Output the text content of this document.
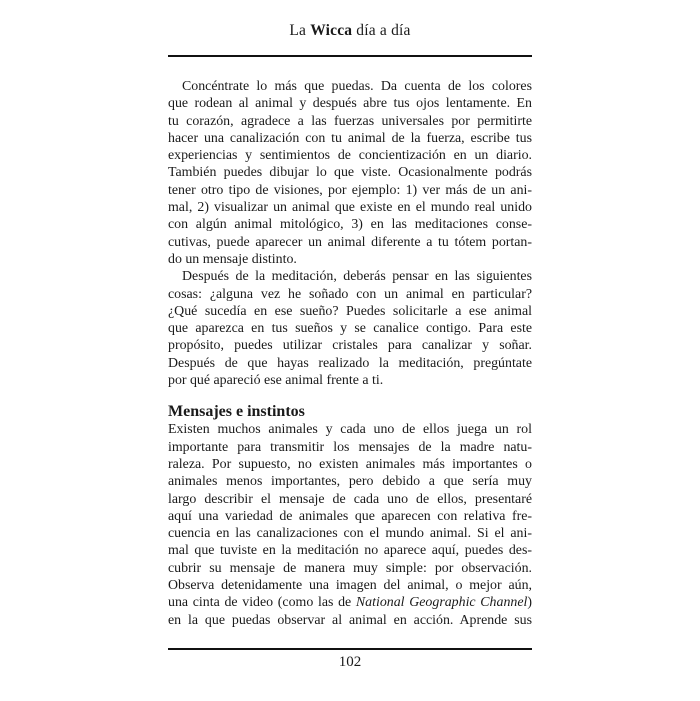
La Wicca día a día
Concéntrate lo más que puedas. Da cuenta de los colores
que rodean al animal y después abre tus ojos lentamente. En
tu corazón, agradece a las fuerzas universales por permitirte
hacer una canalización con tu animal de la fuerza, escribe tus
experiencias y sentimientos de concientización en un diario.
También puedes dibujar lo que viste. Ocasionalmente podrás
tener otro tipo de visiones, por ejemplo: 1) ver más de un ani-
mal, 2) visualizar un animal que existe en el mundo real unido
con algún animal mitológico, 3) en las meditaciones conse-
cutivas, puede aparecer un animal diferente a tu tótem portan-
do un mensaje distinto.
Después de la meditación, deberás pensar en las siguientes
cosas: ¿alguna vez he soñado con un animal en particular?
¿Qué sucedía en ese sueño? Puedes solicitarle a ese animal
que aparezca en tus sueños y se canalice contigo. Para este
propósito, puedes utilizar cristales para canalizar y soñar.
Después de que hayas realizado la meditación, pregúntate
por qué apareció ese animal frente a ti.
Mensajes e instintos
Existen muchos animales y cada uno de ellos juega un rol
importante para transmitir los mensajes de la madre natu-
raleza. Por supuesto, no existen animales más importantes o
animales menos importantes, pero debido a que sería muy
largo describir el mensaje de cada uno de ellos, presentaré
aquí una variedad de animales que aparecen con relativa fre-
cuencia en las canalizaciones con el mundo animal. Si el ani-
mal que tuviste en la meditación no aparece aquí, puedes des-
cubrir su mensaje de manera muy simple: por observación.
Observa detenidamente una imagen del animal, o mejor aún,
una cinta de video (como las de National Geographic Channel)
en la que puedas observar al animal en acción. Aprende sus
102
